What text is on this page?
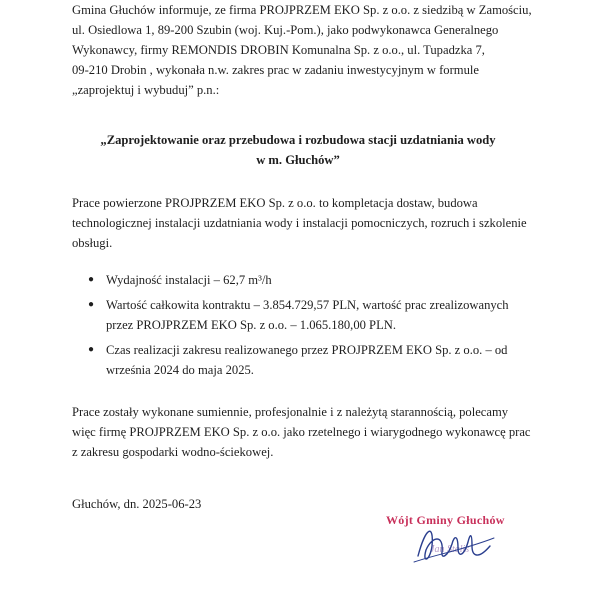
Gmina Głuchów informuje, ze firma PROJPRZEM EKO Sp. z o.o. z siedzibą w Zamościu,
ul. Osiedlowa 1, 89-200 Szubin (woj. Kuj.-Pom.), jako podwykonawca Generalnego
Wykonawcy, firmy REMONDIS DROBIN Komunalna Sp. z o.o., ul. Tupadzka 7,
09-210 Drobin , wykonała n.w. zakres prac w zadaniu inwestycyjnym w formule
„zaprojektuj i wybuduj” p.n.:
„Zaprojektowanie oraz przebudowa i rozbudowa stacji uzdatniania wody
w m. Głuchów”
Prace powierzone PROJPRZEM EKO Sp. z o.o. to kompletacja dostaw, budowa
technologicznej instalacji uzdatniania wody i instalacji pomocniczych, rozruch i szkolenie
obsługi.
● Wydajność instalacji – 62,7 m³/h
● Wartość całkowita kontraktu – 3.854.729,57 PLN, wartość prac zrealizowanych
przez PROJPRZEM EKO Sp. z o.o. – 1.065.180,00 PLN.
● Czas realizacji zakresu realizowanego przez PROJPRZEM EKO Sp. z o.o. – od
września 2024 do maja 2025.
Prace zostały wykonane sumiennie, profesjonalnie i z należytą starannością, polecamy
więc firmę PROJPRZEM EKO Sp. z o.o. jako rzetelnego i wiarygodnego wykonawcę prac
z zakresu gospodarki wodno-ściekowej.
Głuchów, dn. 2025-06-23
Wójt Gminy Głuchów
Jan Stalis
